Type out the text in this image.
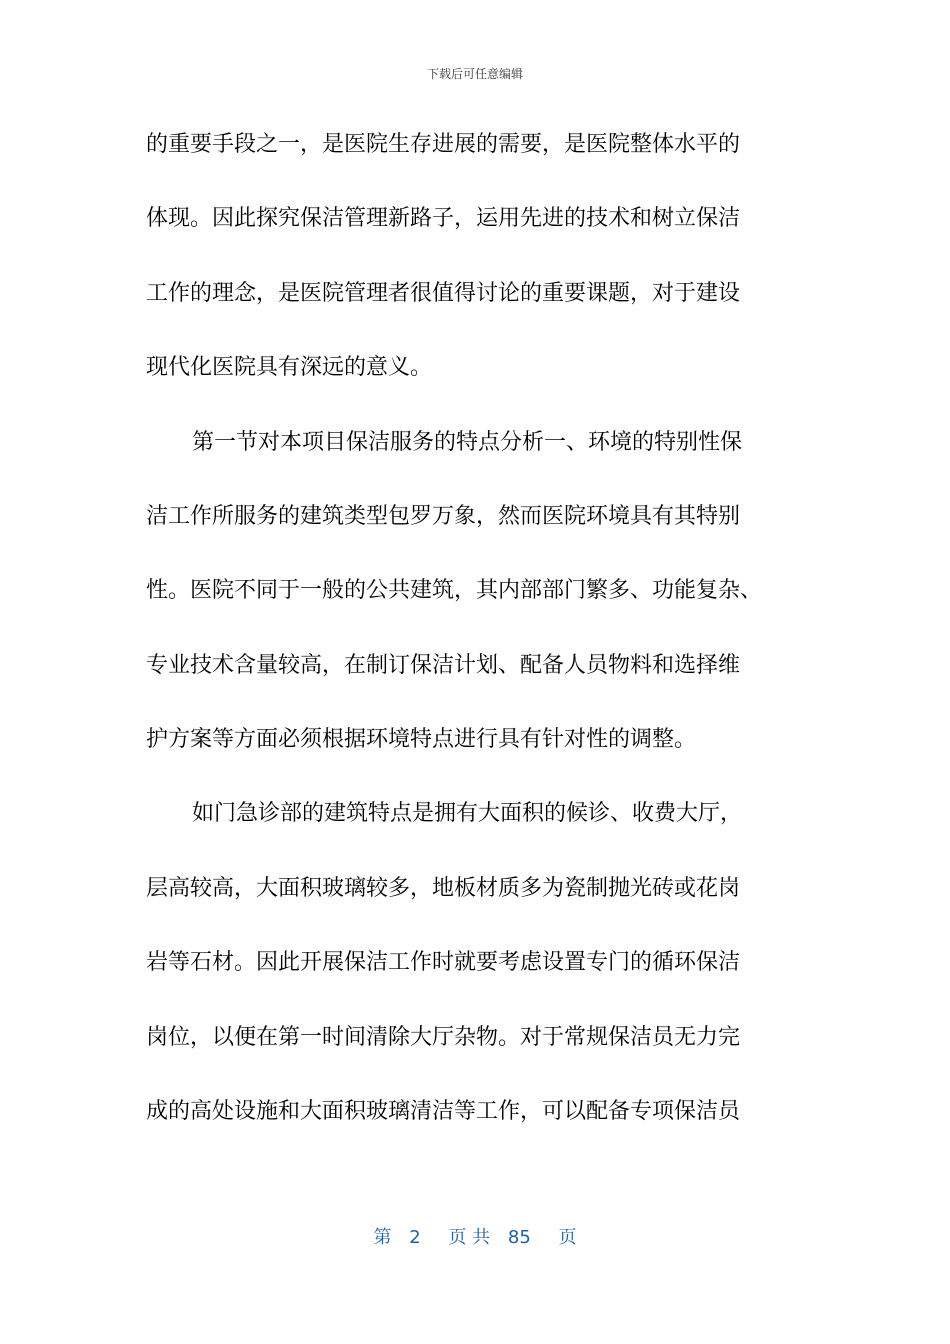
下载后可任意编辑
的重要手段之一，是医院生存进展的需要，是医院整体水平的
体现。因此探究保洁管理新路子，运用先进的技术和树立保洁
工作的理念，是医院管理者很值得讨论的重要课题，对于建设
现代化医院具有深远的意义。
第一节对本项目保洁服务的特点分析一、环境的特别性保
洁工作所服务的建筑类型包罗万象，然而医院环境具有其特别
性。医院不同于一般的公共建筑，其内部部门繁多、功能复杂、
专业技术含量较高，在制订保洁计划、配备人员物料和选择维
护方案等方面必须根据环境特点进行具有针对性的调整。
如门急诊部的建筑特点是拥有大面积的候诊、收费大厅，
层高较高，大面积玻璃较多，地板材质多为瓷制抛光砖或花岗
岩等石材。因此开展保洁工作时就要考虑设置专门的循环保洁
岗位，以便在第一时间清除大厅杂物。对于常规保洁员无力完
成的高处设施和大面积玻璃清洁等工作，可以配备专项保洁员
第 2 页 共 85 页
